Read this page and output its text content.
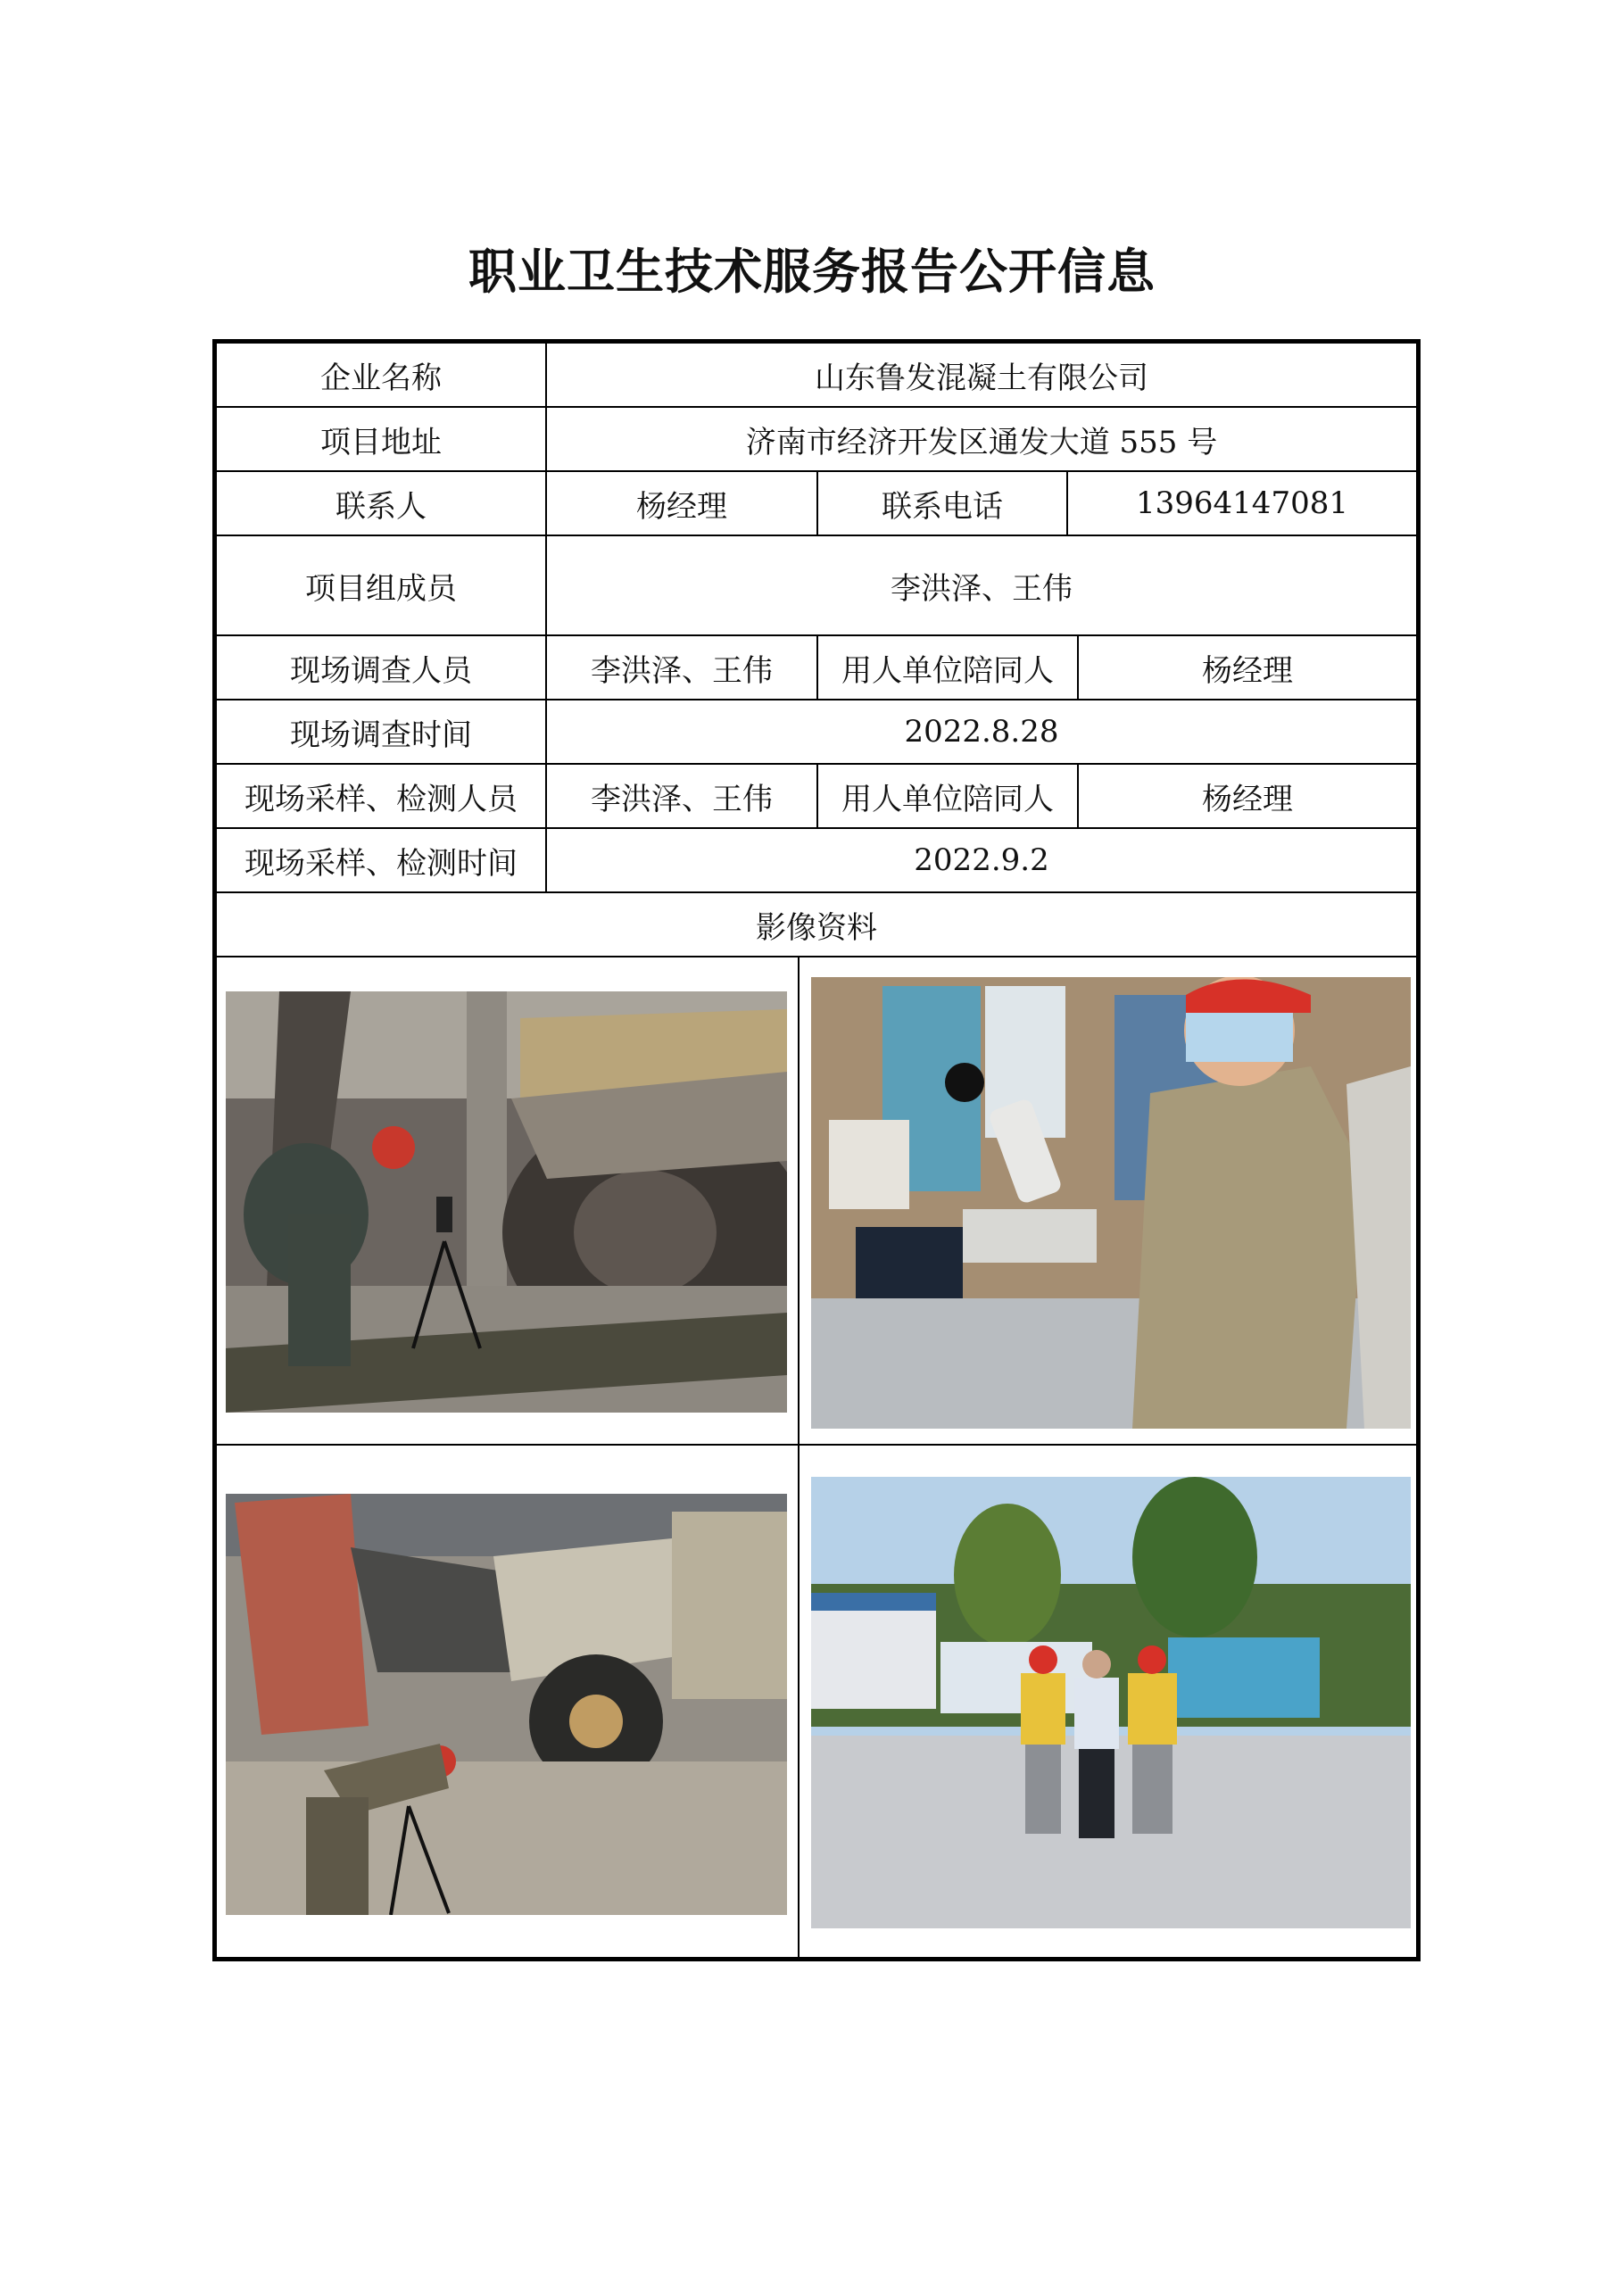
职业卫生技术服务报告公开信息
企业名称	山东鲁发混凝土有限公司
项目地址	济南市经济开发区通发大道 555 号
联系人	杨经理	联系电话	13964147081
项目组成员	李洪泽、王伟
现场调查人员	李洪泽、王伟	用人单位陪同人	杨经理
现场调查时间	2022.8.28
现场采样、检测人员	李洪泽、王伟	用人单位陪同人	杨经理
现场采样、检测时间	2022.9.2
影像资料
